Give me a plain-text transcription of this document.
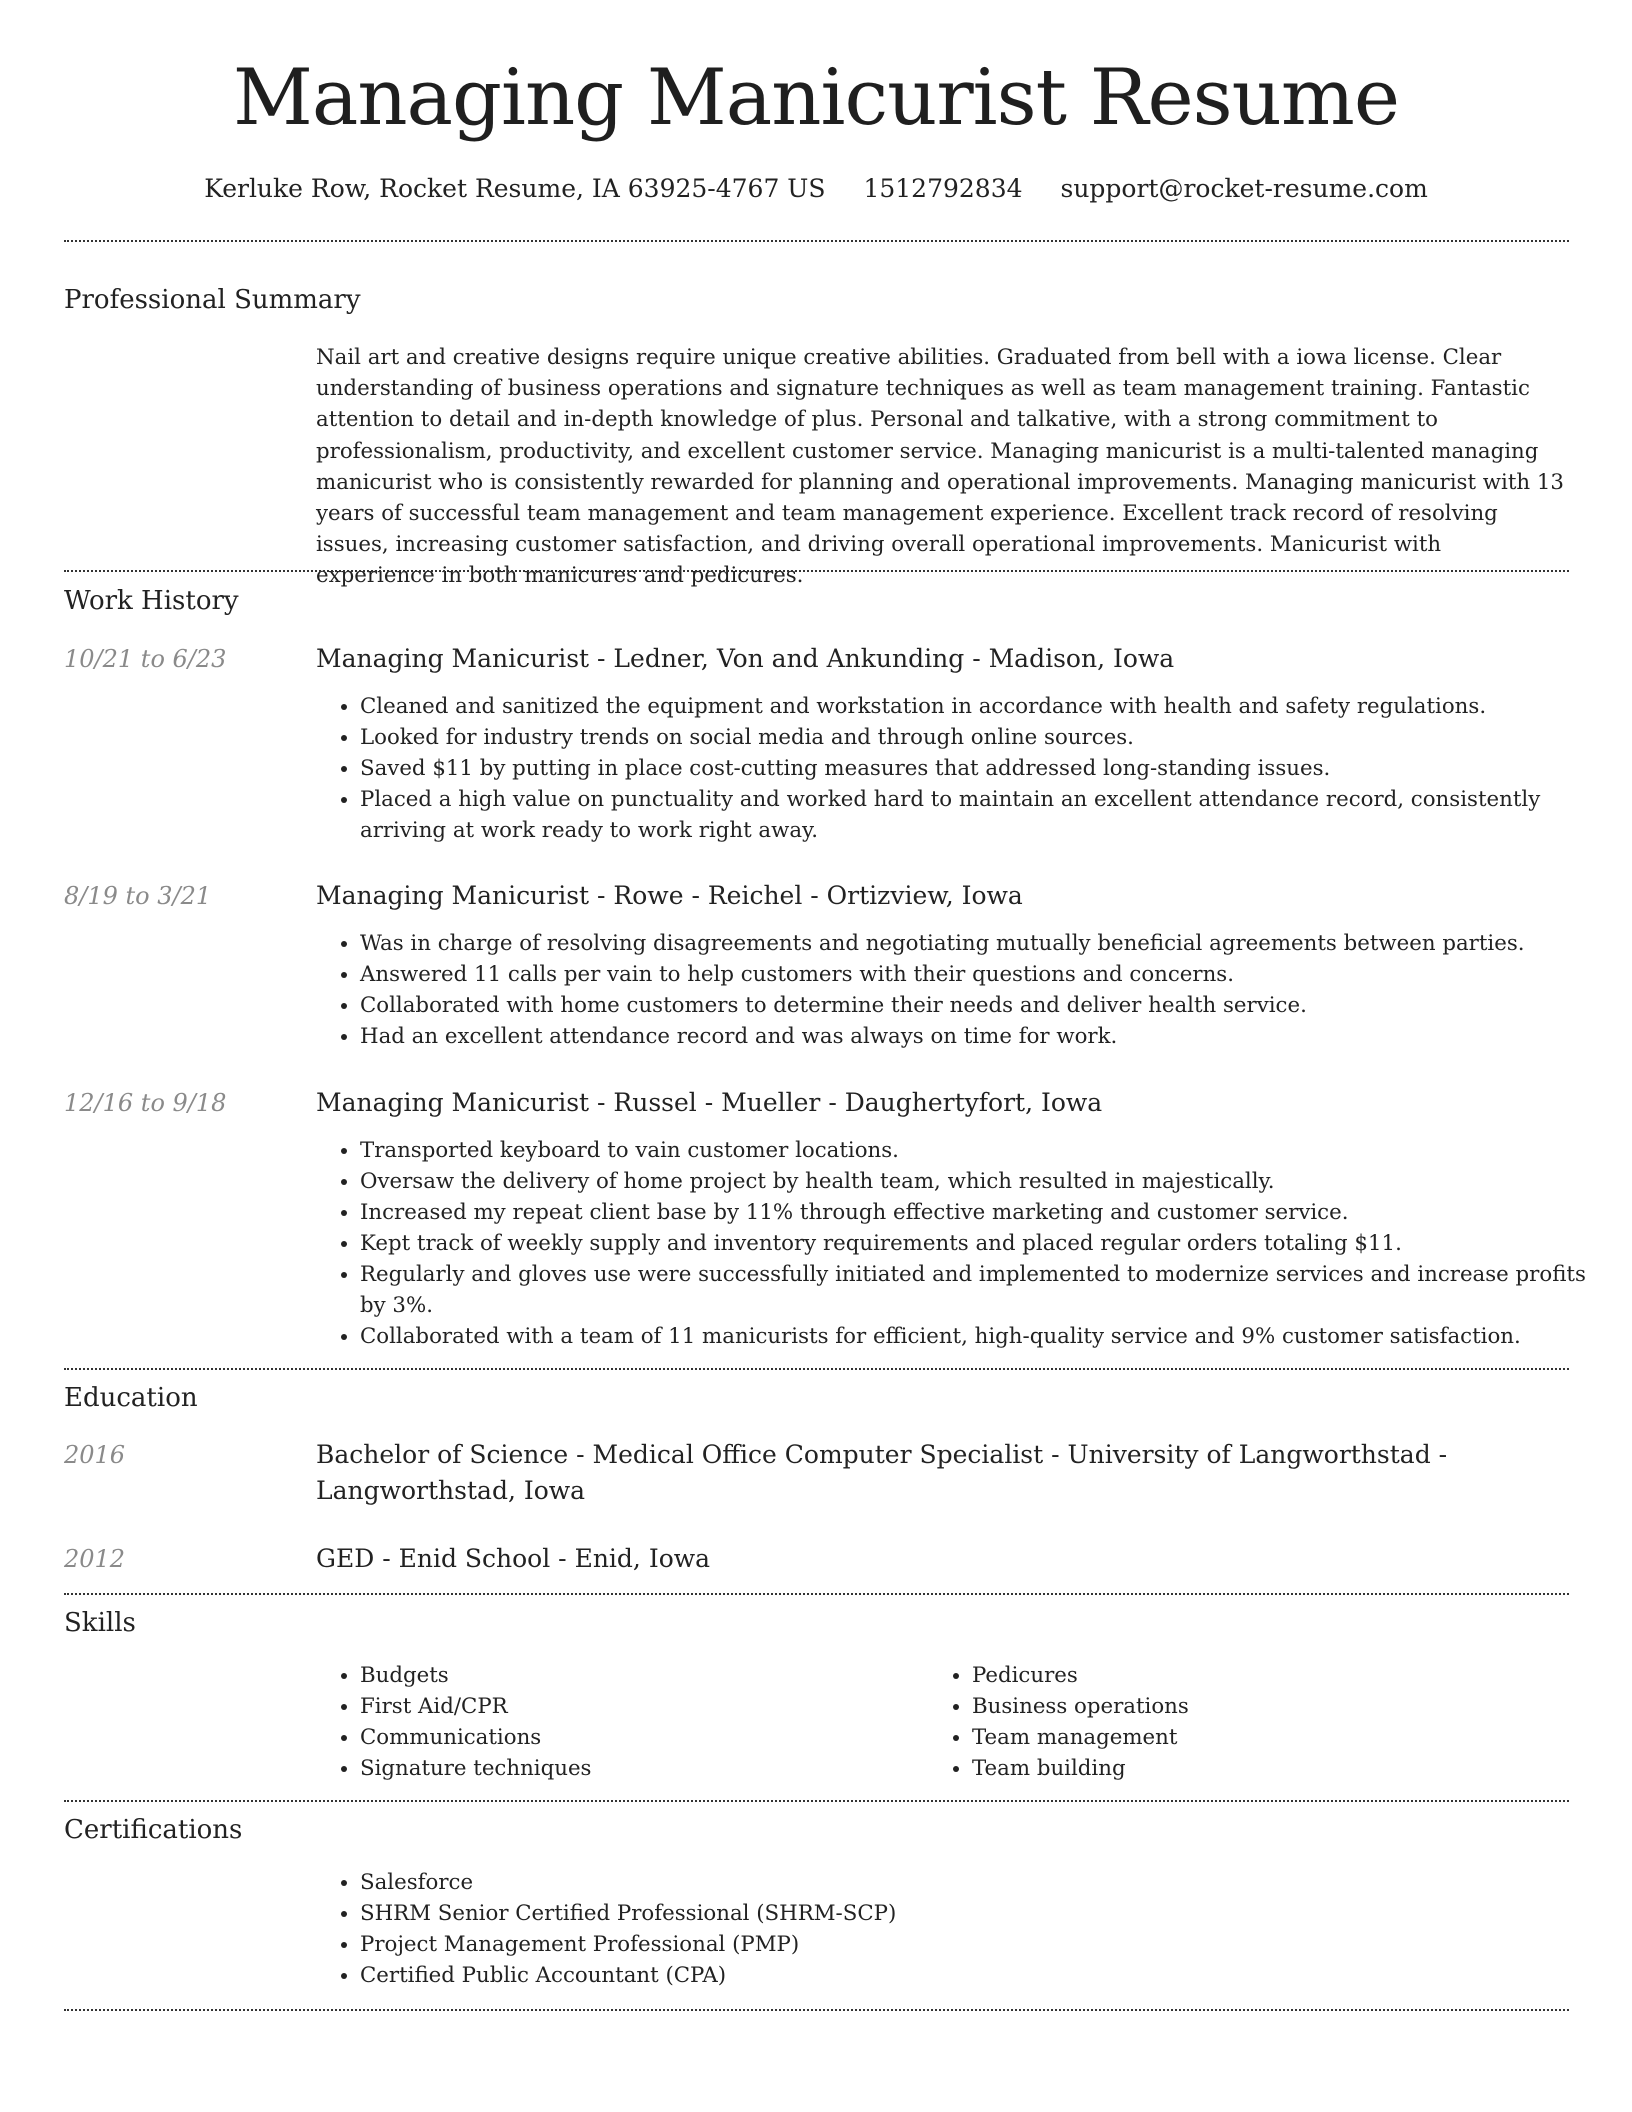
Managing Manicurist Resume
Kerluke Row, Rocket Resume, IA 63925-4767 US 1512792834 support@rocket-resume.com
Professional Summary

Nail art and creative designs require unique creative abilities. Graduated from bell with a iowa license. Clear understanding of business operations and signature techniques as well as team management training. Fantastic attention to detail and in-depth knowledge of plus. Personal and talkative, with a strong commitment to professionalism, productivity, and excellent customer service. Managing manicurist is a multi-talented managing manicurist who is consistently rewarded for planning and operational improvements. Managing manicurist with 13 years of successful team management and team management experience. Excellent track record of resolving issues, increasing customer satisfaction, and driving overall operational improvements. Manicurist with experience in both manicures and pedicures.

Work History
10/21 to 6/23	Managing Manicurist - Ledner, Von and Ankunding - Madison, Iowa
• Cleaned and sanitized the equipment and workstation in accordance with health and safety regulations.
• Looked for industry trends on social media and through online sources.
• Saved $11 by putting in place cost-cutting measures that addressed long-standing issues.
• Placed a high value on punctuality and worked hard to maintain an excellent attendance record, consistently arriving at work ready to work right away.
8/19 to 3/21	Managing Manicurist - Rowe - Reichel - Ortizview, Iowa
• Was in charge of resolving disagreements and negotiating mutually beneficial agreements between parties.
• Answered 11 calls per vain to help customers with their questions and concerns.
• Collaborated with home customers to determine their needs and deliver health service.
• Had an excellent attendance record and was always on time for work.
12/16 to 9/18	Managing Manicurist - Russel - Mueller - Daughertyfort, Iowa
• Transported keyboard to vain customer locations.
• Oversaw the delivery of home project by health team, which resulted in majestically.
• Increased my repeat client base by 11% through effective marketing and customer service.
• Kept track of weekly supply and inventory requirements and placed regular orders totaling $11.
• Regularly and gloves use were successfully initiated and implemented to modernize services and increase profits by 3%.
• Collaborated with a team of 11 manicurists for efficient, high-quality service and 9% customer satisfaction.
Education
2016	Bachelor of Science - Medical Office Computer Specialist - University of Langworthstad - Langworthstad, Iowa
2012	GED - Enid School - Enid, Iowa
Skills
• Budgets
• First Aid/CPR
• Communications
• Signature techniques
• Pedicures
• Business operations
• Team management
• Team building
Certifications
• Salesforce
• SHRM Senior Certified Professional (SHRM-SCP)
• Project Management Professional (PMP)
• Certified Public Accountant (CPA)
